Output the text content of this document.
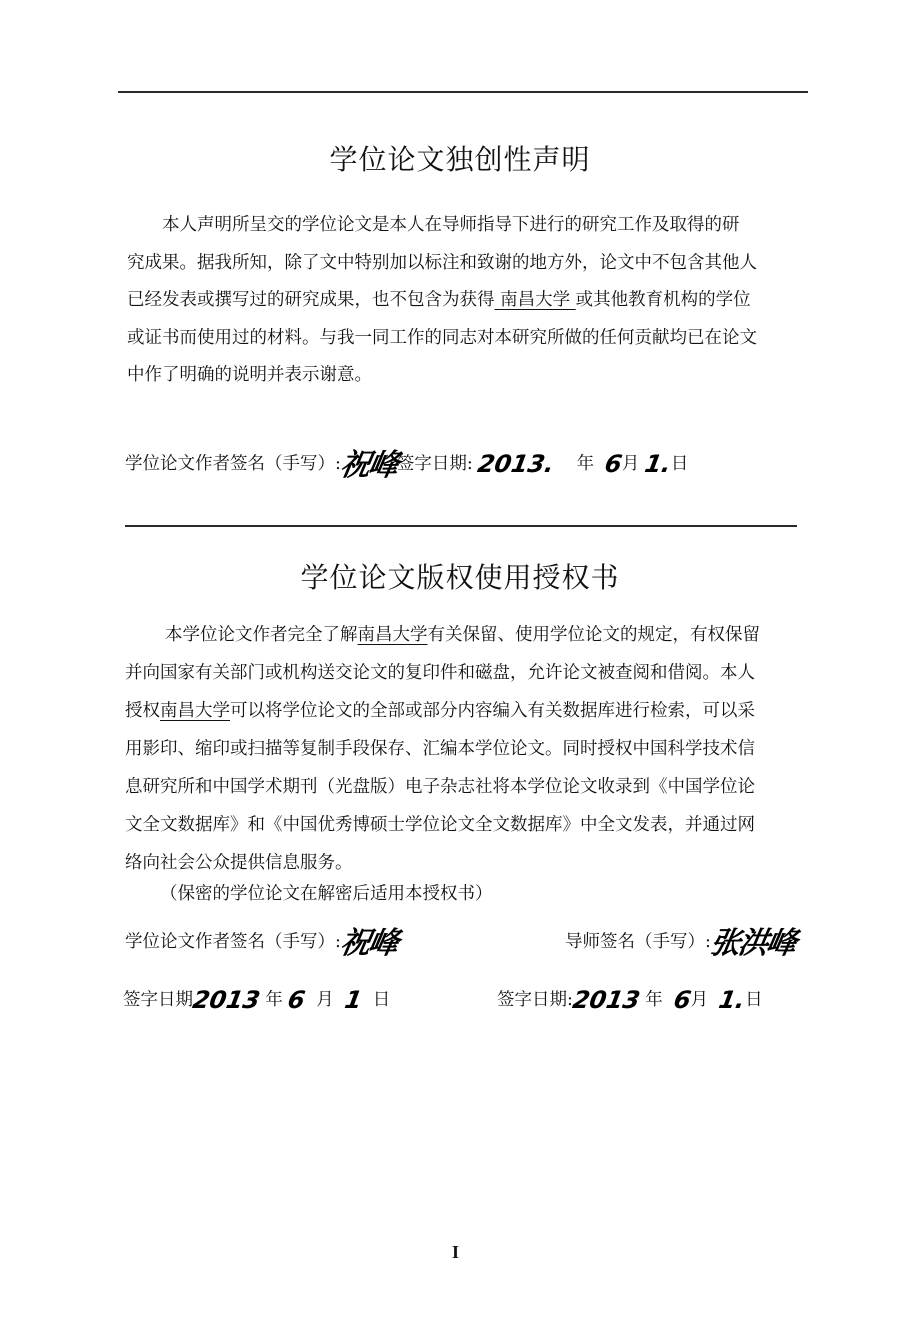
学位论文独创性声明
本人声明所呈交的学位论文是本人在导师指导下进行的研究工作及取得的研
究成果。据我所知，除了文中特别加以标注和致谢的地方外，论文中不包含其他人
已经发表或撰写过的研究成果，也不包含为获得 南昌大学 或其他教育机构的学位
或证书而使用过的材料。与我一同工作的同志对本研究所做的任何贡献均已在论文
中作了明确的说明并表示谢意。
学位论文作者签名（手写）:祝峰签字日期: 2013. 年 6月 1.日
学位论文版权使用授权书
本学位论文作者完全了解南昌大学有关保留、使用学位论文的规定，有权保留
并向国家有关部门或机构送交论文的复印件和磁盘，允许论文被查阅和借阅。本人
授权南昌大学可以将学位论文的全部或部分内容编入有关数据库进行检索，可以采
用影印、缩印或扫描等复制手段保存、汇编本学位论文。同时授权中国科学技术信
息研究所和中国学术期刊（光盘版）电子杂志社将本学位论文收录到《中国学位论
文全文数据库》和《中国优秀博硕士学位论文全文数据库》中全文发表，并通过网
络向社会公众提供信息服务。
（保密的学位论文在解密后适用本授权书）
学位论文作者签名（手写）:祝峰	导师签名（手写）:张洪峰
签字日期2013 年 6 月 1 日	签字日期:2013 年 6月 1.日
I
